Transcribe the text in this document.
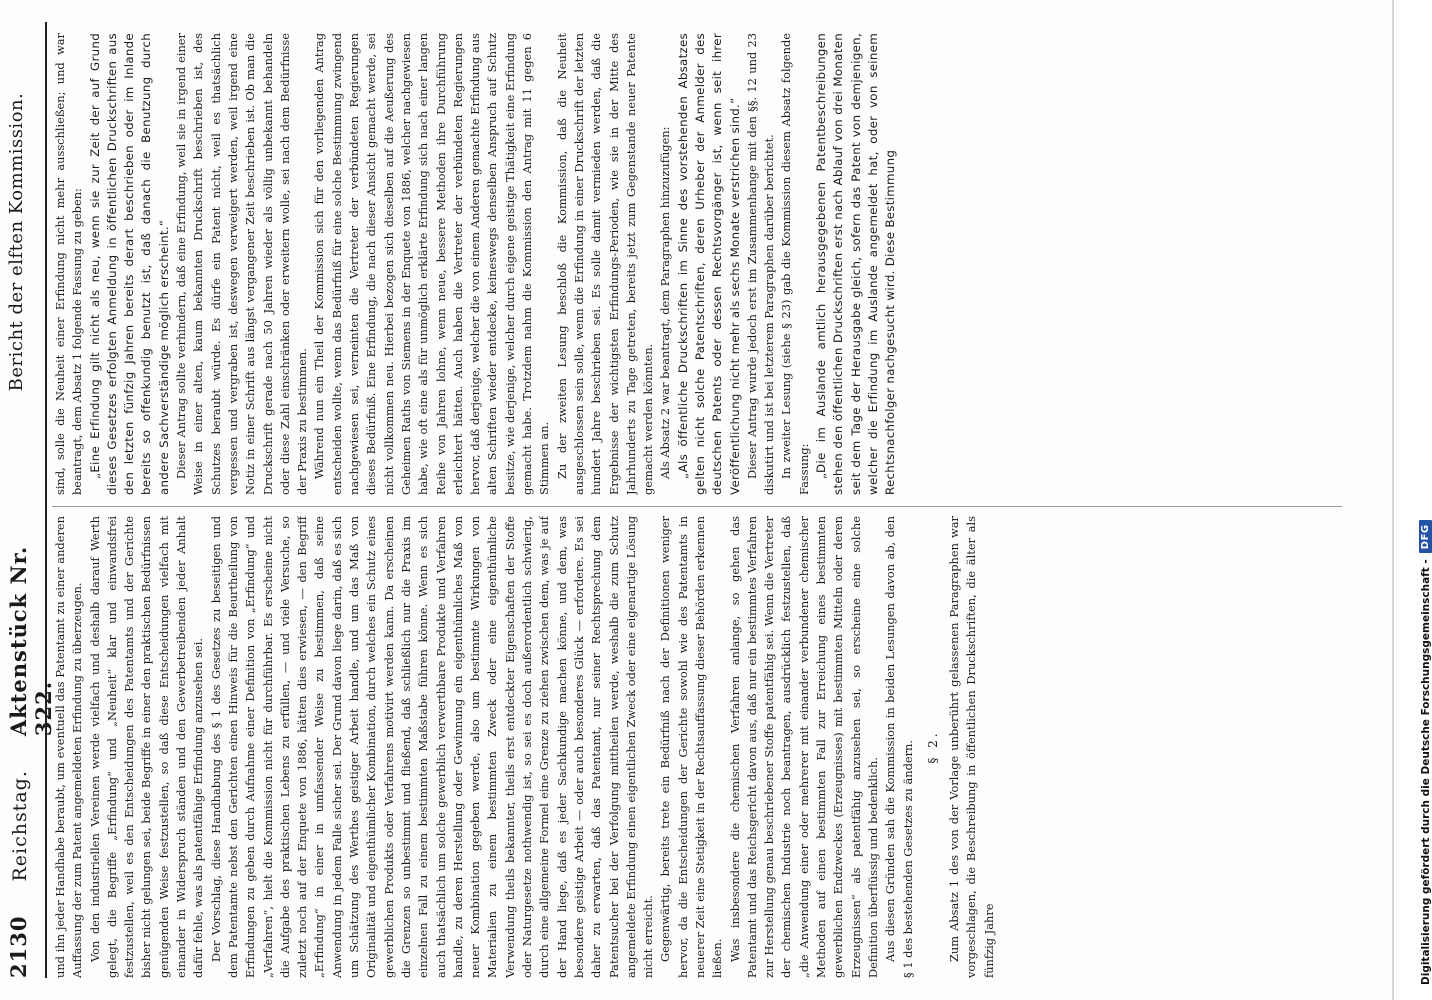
2130
Reichstag.
Aktenstück Nr. 322.
Bericht der elften Kommission.

und ihn jeder Handhabe beraubt, um eventuell das Patentamt zu einer anderen Auffassung der zum Patent angemeldeten Erfindung zu überzeugen. Von den industriellen Vereinen werde vielfach und deshalb darauf Werth gelegt, die Begriffe „Erfindung“ und „Neuheit“ klar und einwandsfrei festzustellen, weil es den Entscheidungen des Patentamts und der Gerichte bisher nicht gelungen sei, beide Begriffe in einer den praktischen Bedürfnissen genügenden Weise festzustellen, so daß diese Entscheidungen vielfach mit einander in Widerspruch ständen und den Gewerbetreibenden jeder Anhalt dafür fehle, was als patentfähige Erfindung anzusehen sei. Der Vorschlag, diese Handhabung des § 1 des Gesetzes zu beseitigen und dem Patentamte nebst den Gerichten einen Hinweis für die Beurtheilung von Erfindungen zu geben durch Aufnahme einer Definition von „Erfindung“ und „Verfahren“, hielt die Kommission nicht für durchführbar. Es erscheine nicht die Aufgabe des praktischen Lebens zu erfüllen, — und viele Versuche, so zuletzt noch auf der Enquete von 1886, hätten dies erwiesen, — den Begriff „Erfindung“ in einer in umfassender Weise zu bestimmen, daß seine Anwendung in jedem Falle sicher sei. Der Grund davon liege darin, daß es sich um Schätzung des Werthes geistiger Arbeit handle, und um das Maß von Originalität und eigenthümlicher Kombination, durch welches ein Schutz eines gewerblichen Produkts oder Verfahrens motivirt werden kann. Da erscheinen die Grenzen so unbestimmt und fließend, daß schließlich nur die Praxis im einzelnen Fall zu einem bestimmten Maßstabe führen könne. Wenn es sich auch thatsächlich um solche gewerblich verwerthbare Produkte und Verfahren handle, zu deren Herstellung oder Gewinnung ein eigenthümliches Maß von neuer Kombination gegeben werde, also um bestimmte Wirkungen von Materialien zu einem bestimmten Zweck oder eine eigenthümliche Verwendung theils bekannter, theils erst entdeckter Eigenschaften der Stoffe oder Naturgesetze nothwendig ist, so sei es doch außerordentlich schwierig, durch eine allgemeine Formel eine Grenze zu ziehen zwischen dem, was je auf der Hand liege, daß es jeder Sachkundige machen könne, und dem, was besondere geistige Arbeit — oder auch besonderes Glück — erfordere. Es sei daher zu erwarten, daß das Patentamt, nur seiner Rechtsprechung dem Patentsucher bei der Verfolgung mittheilen werde, weshalb die zum Schutz angemeldete Erfindung einen eigentlichen Zweck oder eine eigenartige Lösung nicht erreicht. Gegenwärtig, bereits trete ein Bedürfniß nach der Definitionen weniger hervor, da die Entscheidungen der Gerichte sowohl wie des Patentamts in neuerer Zeit eine Stetigkeit in der Rechtsauffassung dieser Behörden erkennen ließen. Was insbesondere die chemischen Verfahren anlange, so gehen das Patentamt und das Reichsgericht davon aus, daß nur ein bestimmtes Verfahren zur Herstellung genau beschriebener Stoffe patentfähig sei. Wenn die Vertreter der chemischen Industrie noch beantragen, ausdrücklich festzustellen, daß „die Anwendung einer oder mehrerer mit einander verbundener chemischer Methoden auf einen bestimmten Fall zur Erreichung eines bestimmten gewerblichen Endzweckes (Erzeugnisses) mit bestimmten Mitteln oder deren Erzeugnissen“ als patentfähig anzusehen sei, so erscheine eine solche Definition überflüssig und bedenklich. Aus diesen Gründen sah die Kommission in beiden Lesungen davon ab, den § 1 des bestehenden Gesetzes zu ändern. § 2. Zum Absatz 1 des von der Vorlage unberührt gelassenen Paragraphen war vorgeschlagen, die Beschreibung in öffentlichen Druckschriften, die älter als fünfzig Jahre

sind, solle die Neuheit einer Erfindung nicht mehr ausschließen; und war beantragt, dem Absatz 1 folgende Fassung zu geben: „Eine Erfindung gilt nicht als neu, wenn sie zur Zeit der auf Grund dieses Gesetzes erfolgten Anmeldung in öffentlichen Druckschriften aus den letzten fünfzig Jahren bereits derart beschrieben oder im Inlande bereits so offenkundig benutzt ist, daß danach die Benutzung durch andere Sachverständige möglich erscheint.“ Dieser Antrag sollte verhindern, daß eine Erfindung, weil sie in irgend einer Weise in einer alten, kaum bekannten Druckschrift beschrieben ist, des Schutzes beraubt würde. Es dürfe ein Patent nicht, weil es thatsächlich vergessen und vergraben ist, deswegen verweigert werden, weil irgend eine Notiz in einer Schrift aus längst vergangener Zeit beschrieben ist. Ob man die Druckschrift gerade nach 50 Jahren wieder als völlig unbekannt behandeln oder diese Zahl einschränken oder erweitern wolle, sei nach dem Bedürfnisse der Praxis zu bestimmen. Während nun ein Theil der Kommission sich für den vorliegenden Antrag entscheiden wollte, wenn das Bedürfniß für eine solche Bestimmung zwingend nachgewiesen sei, verneinten die Vertreter der verbündeten Regierungen dieses Bedürfniß. Eine Erfindung, die nach dieser Ansicht gemacht werde, sei nicht vollkommen neu. Hierbei bezogen sich dieselben auf die Aeußerung des Geheimen Raths von Siemens in der Enquete von 1886, welcher nachgewiesen habe, wie oft eine als für unmöglich erklärte Erfindung sich nach einer langen Reihe von Jahren lohne, wenn neue, bessere Methoden ihre Durchführung erleichtert hätten. Auch haben die Vertreter der verbündeten Regierungen hervor, daß derjenige, welcher die von einem Anderen gemachte Erfindung aus alten Schriften wieder entdecke, keineswegs denselben Anspruch auf Schutz besitze, wie derjenige, welcher durch eigene geistige Thätigkeit eine Erfindung gemacht habe. Trotzdem nahm die Kommission den Antrag mit 11 gegen 6 Stimmen an. Zu der zweiten Lesung beschloß die Kommission, daß die Neuheit ausgeschlossen sein solle, wenn die Erfindung in einer Druckschrift der letzten hundert Jahre beschrieben sei. Es solle damit vermieden werden, daß die Ergebnisse der wichtigsten Erfindungs-Perioden, wie sie in der Mitte des Jahrhunderts zu Tage getreten, bereits jetzt zum Gegenstande neuer Patente gemacht werden könnten. Als Absatz 2 war beantragt, dem Paragraphen hinzuzufügen: „Als öffentliche Druckschriften im Sinne des vorstehenden Absatzes gelten nicht solche Patentschriften, deren Urheber der Anmelder des deutschen Patents oder dessen Rechtsvorgänger ist, wenn seit ihrer Veröffentlichung nicht mehr als sechs Monate verstrichen sind.“ Dieser Antrag wurde jedoch erst im Zusammenhange mit den §§. 12 und 23 diskutirt und ist bei letzterem Paragraphen darüber berichtet. In zweiter Lesung (siehe § 23) gab die Kommission diesem Absatz folgende Fassung: „Die im Auslande amtlich herausgegebenen Patentbeschreibungen stehen den öffentlichen Druckschriften erst nach Ablauf von drei Monaten seit dem Tage der Herausgabe gleich, sofern das Patent von demjenigen, welcher die Erfindung im Auslande angemeldet hat, oder von seinem Rechtsnachfolger nachgesucht wird. Diese Bestimmung

Digitalisierung gefördert durch die Deutsche Forschungsgemeinschaft -
DFG
